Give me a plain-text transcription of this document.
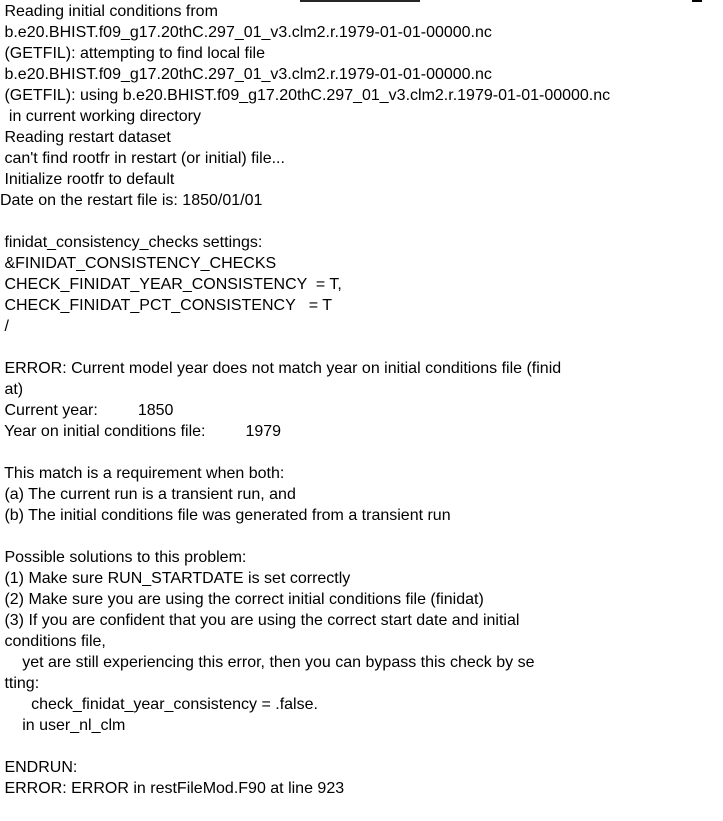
Reading initial conditions from
b.e20.BHIST.f09_g17.20thC.297_01_v3.clm2.r.1979-01-01-00000.nc
(GETFIL): attempting to find local file
b.e20.BHIST.f09_g17.20thC.297_01_v3.clm2.r.1979-01-01-00000.nc
(GETFIL): using b.e20.BHIST.f09_g17.20thC.297_01_v3.clm2.r.1979-01-01-00000.nc
in current working directory
Reading restart dataset
can't find rootfr in restart (or initial) file...
Initialize rootfr to default
Date on the restart file is: 1850/01/01
finidat_consistency_checks settings:
&FINIDAT_CONSISTENCY_CHECKS
CHECK_FINIDAT_YEAR_CONSISTENCY  = T,
CHECK_FINIDAT_PCT_CONSISTENCY   = T
/
ERROR: Current model year does not match year on initial conditions file (finid
at)
Current year:         1850
Year on initial conditions file:         1979
This match is a requirement when both:
(a) The current run is a transient run, and
(b) The initial conditions file was generated from a transient run
Possible solutions to this problem:
(1) Make sure RUN_STARTDATE is set correctly
(2) Make sure you are using the correct initial conditions file (finidat)
(3) If you are confident that you are using the correct start date and initial
conditions file,
yet are still experiencing this error, then you can bypass this check by se
tting:
check_finidat_year_consistency = .false.
in user_nl_clm
ENDRUN:
ERROR: ERROR in restFileMod.F90 at line 923
